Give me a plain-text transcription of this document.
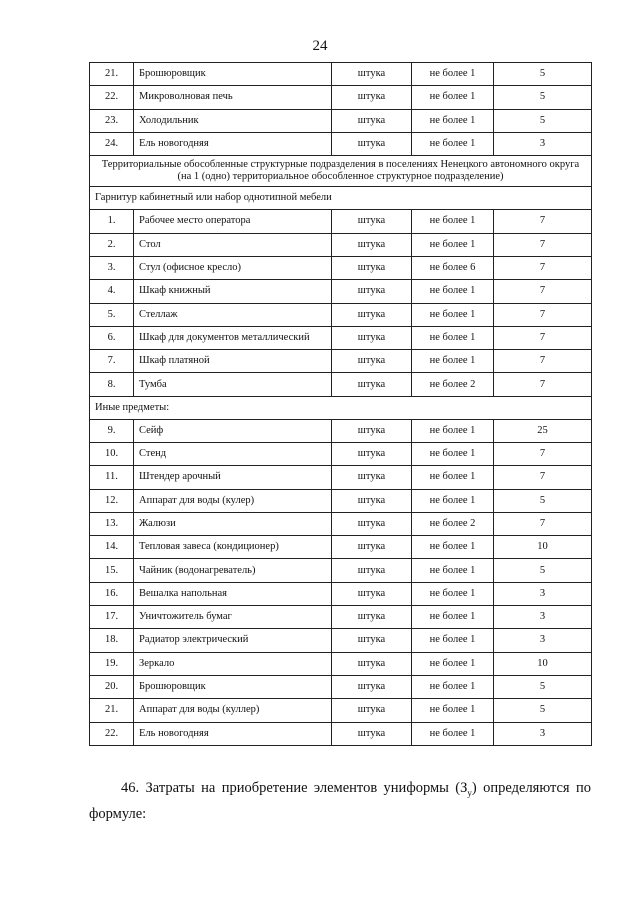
24
21.	Брошюровщик	штука	не более 1	5
22.	Микроволновая печь	штука	не более 1	5
23.	Холодильник	штука	не более 1	5
24.	Ель новогодняя	штука	не более 1	3
Территориальные обособленные структурные подразделения в поселениях Ненецкого автономного округа
(на 1 (одно) территориальное обособленное структурное подразделение)				
Гарнитур кабинетный или набор однотипной мебели				
1.	Рабочее место оператора	штука	не более 1	7
2.	Стол	штука	не более 1	7
3.	Стул (офисное кресло)	штука	не более 6	7
4.	Шкаф книжный	штука	не более 1	7
5.	Стеллаж	штука	не более 1	7
6.	Шкаф для документов металлический	штука	не более 1	7
7.	Шкаф платяной	штука	не более 1	7
8.	Тумба	штука	не более 2	7
Иные предметы:				
9.	Сейф	штука	не более 1	25
10.	Стенд	штука	не более 1	7
11.	Штендер арочный	штука	не более 1	7
12.	Аппарат для воды (кулер)	штука	не более 1	5
13.	Жалюзи	штука	не более 2	7
14.	Тепловая завеса (кондиционер)	штука	не более 1	10
15.	Чайник (водонагреватель)	штука	не более 1	5
16.	Вешалка напольная	штука	не более 1	3
17.	Уничтожитель бумаг	штука	не более 1	3
18.	Радиатор электрический	штука	не более 1	3
19.	Зеркало	штука	не более 1	10
20.	Брошюровщик	штука	не более 1	5
21.	Аппарат для воды (куллер)	штука	не более 1	5
22.	Ель новогодняя	штука	не более 1	3
46. Затраты на приобретение элементов униформы $(З_у)$ определяются по формуле:
